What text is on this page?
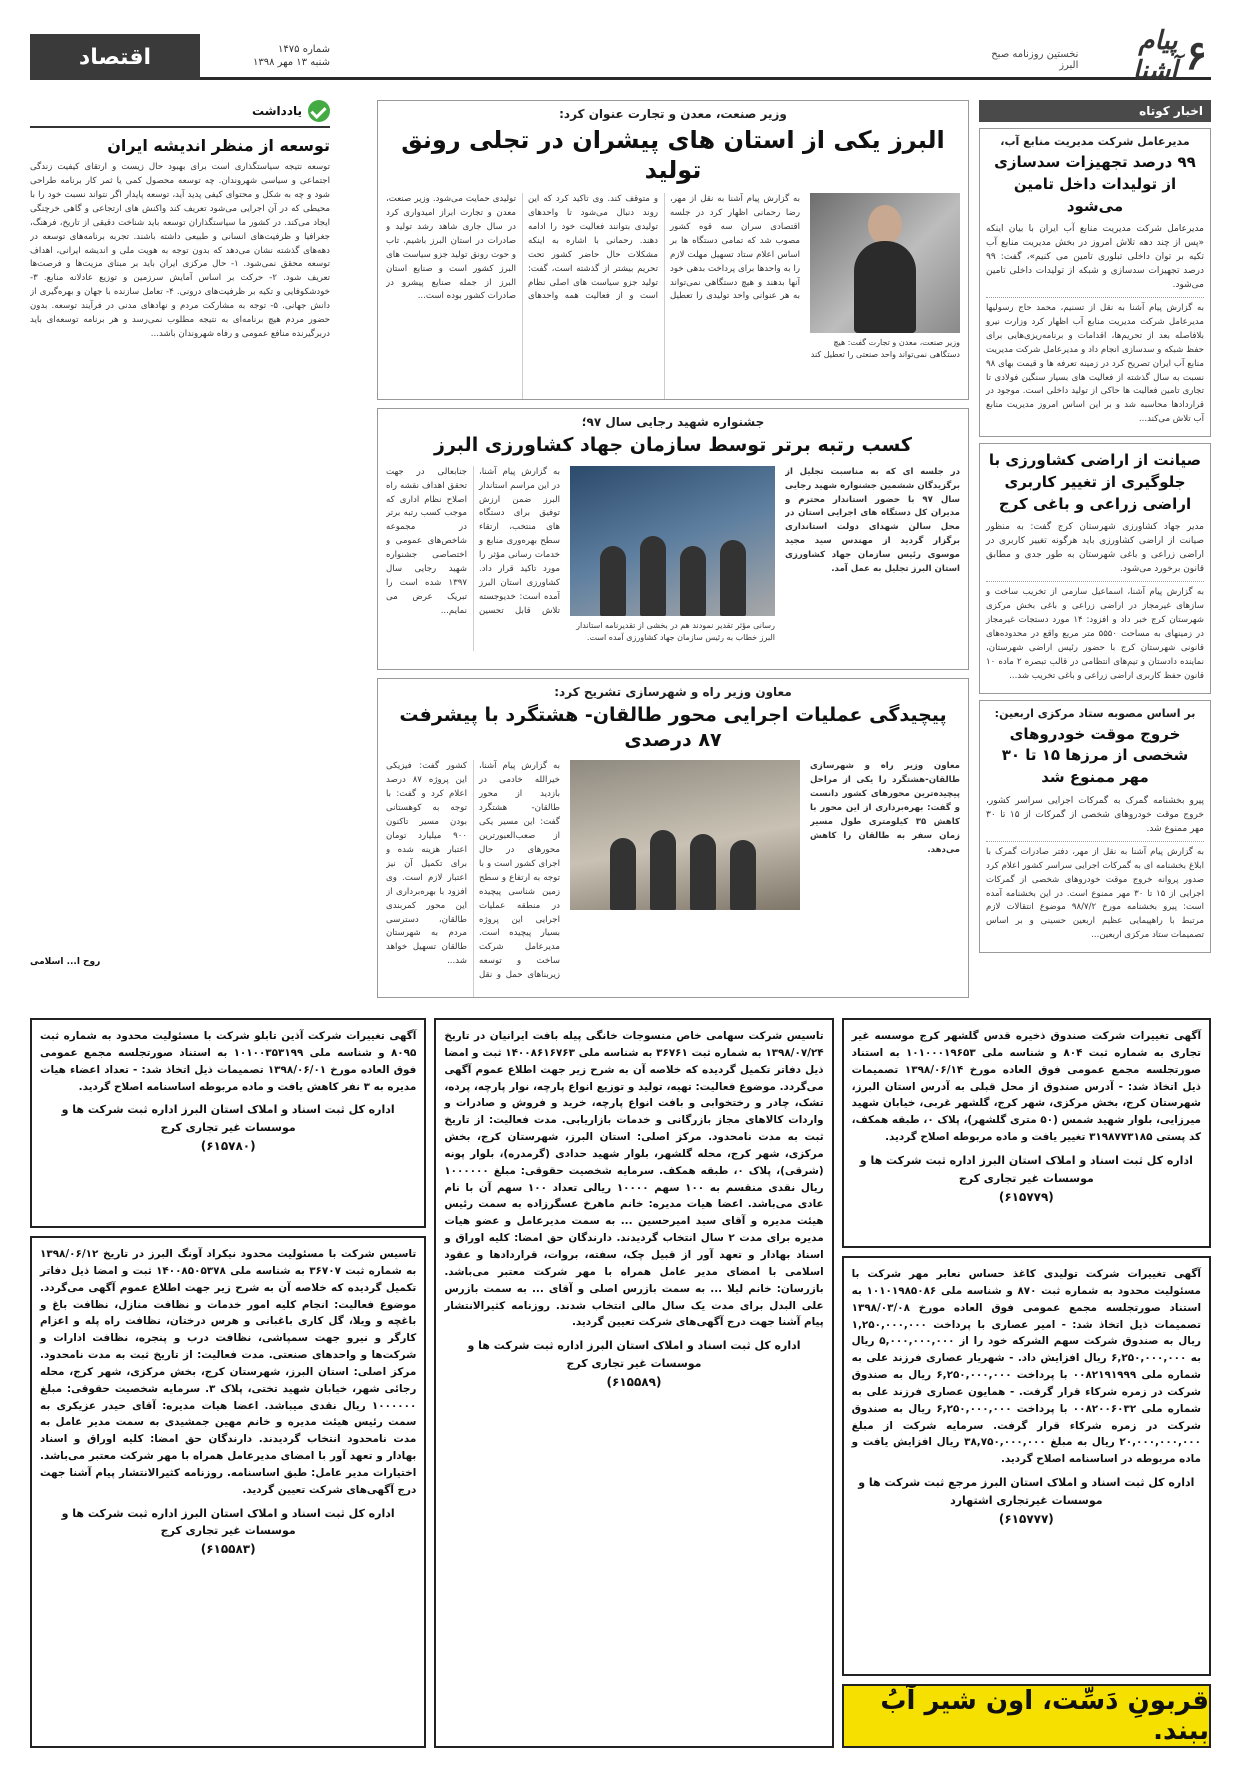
۶
پیام آشنا
نخستین روزنامه صبح البرز
شماره ۱۴۷۵
شنبه ۱۳ مهر ۱۳۹۸
اقتصاد
اخبار کوتاه
مدیرعامل شرکت مدیریت منابع آب،
۹۹ درصد تجهیزات سدسازی از تولیدات داخل تامین می‌شود

مدیرعامل شرکت مدیریت منابع آب ایران با بیان اینکه «پس از چند دهه تلاش امروز در بخش مدیریت منابع آب تکیه بر توان داخلی تبلوری تامین می کنیم»، گفت: ۹۹ درصد تجهیزات سدسازی و شبکه از تولیدات داخلی تامین می‌شود.

به گزارش پیام آشنا به نقل از تسنیم، محمد حاج رسولیها مدیرعامل شرکت مدیریت منابع آب اظهار کرد وزارت نیرو بلافاصله بعد از تحریم‌ها، اقدامات و برنامه‌ریزی‌هایی برای حفظ شبکه و سدسازی انجام داد و مدیرعامل شرکت مدیریت منابع آب ایران تصریح کرد در زمینه تعرفه ها و قیمت بهای ۹۸ نسبت به سال گذشته از فعالیت های بسیار سنگین فولادی تا تجاری تامین فعالیت ها حاکی از تولید داخلی است. موجود در قرارداد‌ها محاسبه شد و بر این اساس امروز مدیریت منابع آب تلاش می‌کند...

صیانت از اراضی کشاورزی با جلوگیری از تغییر کاربری اراضی زراعی و باغی کرج

مدیر جهاد کشاورزی شهرستان کرج گفت: به منظور صیانت از اراضی کشاورزی باید هرگونه تغییر کاربری در اراضی زراعی و باغی شهرستان به طور جدی و مطابق قانون برخورد می‌شود.

به گزارش پیام آشنا، اسماعیل سارمی از تخریب ساخت و سازهای غیرمجاز در اراضی زراعی و باغی بخش مرکزی شهرستان کرج خبر داد و افزود: ۱۴ مورد دستجات غیرمجاز در زمینهای به مساحت ۵۵۵۰ متر مربع واقع در محدوده‌های قانونی شهرستان کرج با حضور رئیس اراضی شهرستان، نماینده دادستان و تیم‌های انتظامی در قالب تبصره ۲ ماده ۱۰ قانون حفظ کاربری اراضی زراعی و باغی تخریب شد...

بر اساس مصوبه ستاد مرکزی اربعین:
خروج موقت خودروهای شخصی از مرزها ۱۵ تا ۳۰ مهر ممنوع شد

پیرو بخشنامه گمرک به گمرکات اجرایی سراسر کشور، خروج موقت خودروهای شخصی از گمرکات از ۱۵ تا ۳۰ مهر ممنوع شد.

به گزارش پیام آشنا به نقل از مهر، دفتر صادرات گمرک با ابلاغ بخشنامه ای به گمرکات اجرایی سراسر کشور اعلام کرد صدور پروانه خروج موقت خودروهای شخصی از گمرکات اجرایی از ۱۵ تا ۳۰ مهر ممنوع است. در این بخشنامه آمده است: پیرو بخشنامه مورخ ۹۸/۷/۲ موضوع انتقالات لازم مرتبط با راهپیمایی عظیم اربعین حسینی و بر اساس تصمیمات ستاد مرکزی اربعین...

وزیر صنعت، معدن و تجارت عنوان کرد:
البرز یکی از استان های پیشران در تجلی رونق تولید
وزیر صنعت، معدن و تجارت گفت: هیچ دستگاهی نمی‌تواند واحد صنعتی را تعطیل کند

به گزارش پیام آشنا به نقل از مهر، رضا رحمانی اظهار کرد در جلسه اقتصادی سران سه قوه کشور مصوب شد که تمامی دستگاه ها بر اساس اعلام ستاد تسهیل مهلت لازم را به واحدها برای پرداخت بدهی خود آنها بدهند و هیچ دستگاهی نمی‌تواند به هر عنوانی واحد تولیدی را تعطیل و متوقف کند. وی تاکید کرد که این روند دنبال می‌شود تا واحدهای تولیدی بتوانند فعالیت خود را ادامه دهند. رحمانی با اشاره به اینکه مشکلات حال حاضر کشور تحت تحریم بیشتر از گذشته است، گفت: تولید جزو سیاست های اصلی نظام است و از فعالیت همه واحدهای تولیدی حمایت می‌شود. وزیر صنعت، معدن و تجارت ابراز امیدواری کرد در سال جاری شاهد رشد تولید و صادرات در استان البرز باشیم. تاب و حوت رونق تولید جزو سیاست های البرز کشور است و صنایع استان البرز از جمله صنایع پیشرو در صادرات کشور بوده است...

جشنواره شهید رجایی سال ۹۷؛
کسب رتبه برتر توسط سازمان جهاد کشاورزی البرز

در جلسه ای که به مناسبت تجلیل از برگزیدگان ششمین جشنواره شهید رجایی سال ۹۷ با حضور استاندار محترم و مدیران کل دستگاه های اجرایی استان در محل سالن شهدای دولت استانداری برگزار گردید از مهندس سید مجید موسوی رئیس سازمان جهاد کشاورزی استان البرز تجلیل به عمل آمد.

رسانی مؤثر تقدیر نمودند هم در بخشی از تقدیرنامه استاندار البرز خطاب به رئیس سازمان جهاد کشاورزی آمده است.

به گزارش پیام آشنا، در این مراسم استاندار البرز ضمن ارزش توفیق برای دستگاه های منتخب، ارتقاء سطح بهره‌وری منابع و خدمات رسانی مؤثر را مورد تاکید قرار داد. کشاورزی استان البرز آمده است: خدیوجسته تلاش قابل تحسین جنابعالی در جهت تحقق اهداف نقشه راه اصلاح نظام اداری که موجب کسب رتبه برتر در مجموعه شاخص‌های عمومی و اختصاصی جشنواره شهید رجایی سال ۱۳۹۷ شده است را تبریک عرض می نمایم...

معاون وزیر راه و شهرسازی تشریح کرد:
پیچیدگی عملیات اجرایی محور طالقان- هشتگرد با پیشرفت ۸۷ درصدی

معاون وزیر راه و شهرسازی طالقان-هشتگرد را یکی از مراحل پیچیده‌ترین محورهای کشور دانست و گفت: بهره‌برداری از این محور با کاهش ۳۵ کیلومتری طول مسیر زمان سفر به طالقان را کاهش می‌دهد.

به گزارش پیام آشنا، خیرالله خادمی در بازدید از محور طالقان- هشتگرد گفت: این مسیر یکی از صعب‌العبورترین محورهای در حال اجرای کشور است و با توجه به ارتفاع و سطح زمین شناسی پیچیده در منطقه عملیات اجرایی این پروژه بسیار پیچیده است. مدیرعامل شرکت ساخت و توسعه زیربناهای حمل و نقل کشور گفت: فیزیکی این پروژه ۸۷ درصد اعلام کرد و گفت: با توجه به کوهستانی بودن مسیر تاکنون ۹۰۰ میلیارد تومان اعتبار هزینه شده و برای تکمیل آن نیز اعتبار لازم است. وی افزود با بهره‌برداری از این محور کمربندی طالقان، دسترسی مردم به شهرستان طالقان تسهیل خواهد شد...

یادداشت
توسعه از منظر اندیشه ایران

توسعه نتیجه سیاستگذاری است برای بهبود حال زیست و ارتقای کیفیت زندگی اجتماعی و سیاسی شهروندان. چه توسعه محصول کمی یا ثمر کار برنامه طراحی شود و چه به شکل و محتوای کیفی پدید آید، توسعه پایدار اگر نتواند نسبت خود را با محیطی که در آن اجرایی می‌شود تعریف کند واکنش های ارتجاعی و گاهی خرچنگی ایجاد می‌کند. در کشور ما سیاستگذاران توسعه باید شناخت دقیقی از تاریخ، فرهنگ، جغرافیا و ظرفیت‌های انسانی و طبیعی داشته باشند. تجربه برنامه‌های توسعه در دهه‌های گذشته نشان می‌دهد که بدون توجه به هویت ملی و اندیشه ایرانی، اهداف توسعه محقق نمی‌شود. ۱- حال مرکزی ایران باید بر مبنای مزیت‌ها و فرصت‌ها تعریف شود. ۲- حرکت بر اساس آمایش سرزمین و توزیع عادلانه منابع. ۳- خودشکوفایی و تکیه بر ظرفیت‌های درونی. ۴- تعامل سازنده با جهان و بهره‌گیری از دانش جهانی. ۵- توجه به مشارکت مردم و نهادهای مدنی در فرآیند توسعه. بدون حضور مردم هیچ برنامه‌ای به نتیجه مطلوب نمی‌رسد و هر برنامه توسعه‌ای باید دربرگیرنده منافع عمومی و رفاه شهروندان باشد...

روح ا... اسلامی
آگهی تغییرات شرکت صندوق ذخیره قدس گلشهر کرج موسسه غیر تجاری به شماره ثبت ۸۰۴ و شناسه ملی ۱۰۱۰۰۰۱۹۶۵۳ به استناد صورتجلسه مجمع عمومی فوق العاده مورخ ۱۳۹۸/۰۶/۱۴ تصمیمات ذیل اتخاذ شد: - آدرس صندوق از محل قبلی به آدرس استان البرز، شهرستان کرج، بخش مرکزی، شهر کرج، گلشهر غربی، خیابان شهید میرزایی، بلوار شهید شمس (۵۰ متری گلشهر)، پلاک ۰، طبقه همکف، کد پستی ۳۱۹۸۷۷۳۱۸۵ تغییر یافت و ماده مربوطه اصلاح گردید.
اداره کل ثبت اسناد و املاک استان البرز اداره ثبت شرکت ها و موسسات غیر تجاری کرج
(۶۱۵۷۷۹)
آگهی تغییرات شرکت تولیدی کاغذ حساس نعابر مهر شرکت با مسئولیت محدود به شماره ثبت ۸۷۰ و شناسه ملی ۱۰۱۰۱۹۸۵۰۸۶ به استناد صورتجلسه مجمع عمومی فوق العاده مورخ ۱۳۹۸/۰۳/۰۸ تصمیمات ذیل اتخاذ شد: - امیر عصاری با پرداخت ۱,۲۵۰,۰۰۰,۰۰۰ ریال به صندوق شرکت سهم الشرکه خود را از ۵,۰۰۰,۰۰۰,۰۰۰ ریال به ۶,۲۵۰,۰۰۰,۰۰۰ ریال افزایش داد. - شهریار عصاری فرزند علی به شماره ملی ۰۰۸۲۱۹۱۹۹۹ با پرداخت ۶,۲۵۰,۰۰۰,۰۰۰ ریال به صندوق شرکت در زمره شرکاء قرار گرفت. - همایون عصاری فرزند علی به شماره ملی ۰۰۸۲۰۰۶۰۳۲ با پرداخت ۶,۲۵۰,۰۰۰,۰۰۰ ریال به صندوق شرکت در زمره شرکاء قرار گرفت. سرمایه شرکت از مبلغ ۲۰,۰۰۰,۰۰۰,۰۰۰ ریال به مبلغ ۳۸,۷۵۰,۰۰۰,۰۰۰ ریال افزایش یافت و ماده مربوطه در اساسنامه اصلاح گردید.
اداره کل ثبت اسناد و املاک استان البرز مرجع ثبت شرکت ها و موسسات غیرتجاری اشتهارد
(۶۱۵۷۷۷)
قربونِ دَسِّت، اون شیر آبُ ببند.
تاسیس شرکت سهامی خاص منسوجات خانگی پیله بافت ایرانیان در تاریخ ۱۳۹۸/۰۷/۲۴ به شماره ثبت ۳۶۷۶۱ به شناسه ملی ۱۴۰۰۸۶۱۶۷۶۳ ثبت و امضا ذیل دفاتر تکمیل گردیده که خلاصه آن به شرح زیر جهت اطلاع عموم آگهی می‌گردد. موضوع فعالیت: تهیه، تولید و توزیع انواع پارچه، نوار پارچه، پرده، تشک، چادر و رختخوابی و بافت انواع پارچه، خرید و فروش و صادرات و واردات کالاهای مجاز بازرگانی و خدمات بازاریابی. مدت فعالیت: از تاریخ ثبت به مدت نامحدود. مرکز اصلی: استان البرز، شهرستان کرج، بخش مرکزی، شهر کرج، محله گلشهر، بلوار شهید حدادی (گرمدره)، بلوار پونه (شرقی)، پلاک ۰، طبقه همکف. سرمایه شخصیت حقوقی: مبلغ ۱۰۰۰۰۰۰ ریال نقدی منقسم به ۱۰۰ سهم ۱۰۰۰۰ ریالی تعداد ۱۰۰ سهم آن با نام عادی می‌باشد. اعضا هیات مدیره: خانم ماهرخ عسگرزاده به سمت رئیس هیئت مدیره و آقای سید امیرحسین ... به سمت مدیرعامل و عضو هیات مدیره برای مدت ۲ سال انتخاب گردیدند. دارندگان حق امضا: کلیه اوراق و اسناد بهادار و تعهد آور از قبیل چک، سفته، بروات، قراردادها و عقود اسلامی با امضای مدیر عامل همراه با مهر شرکت معتبر می‌باشد. بازرسان: خانم لیلا ... به سمت بازرس اصلی و آقای ... به سمت بازرس علی البدل برای مدت یک سال مالی انتخاب شدند. روزنامه کثیرالانتشار پیام آشنا جهت درج آگهی‌های شرکت تعیین گردید.
اداره کل ثبت اسناد و املاک استان البرز اداره ثبت شرکت ها و موسسات غیر تجاری کرج
(۶۱۵۵۸۹)
آگهی تغییرات شرکت آذین تابلو شرکت با مسئولیت محدود به شماره ثبت ۸۰۹۵ و شناسه ملی ۱۰۱۰۰۳۵۳۱۹۹ به استناد صورتجلسه مجمع عمومی فوق العاده مورخ ۱۳۹۸/۰۶/۰۱ تصمیمات ذیل اتخاذ شد: - تعداد اعضاء هیات مدیره به ۳ نفر کاهش یافت و ماده مربوطه اساسنامه اصلاح گردید.
اداره کل ثبت اسناد و املاک استان البرز اداره ثبت شرکت ها و موسسات غیر تجاری کرج
(۶۱۵۷۸۰)
تاسیس شرکت با مسئولیت محدود نیکراد آونگ البرز در تاریخ ۱۳۹۸/۰۶/۱۲ به شماره ثبت ۳۶۷۰۷ به شناسه ملی ۱۴۰۰۸۵۰۵۳۷۸ ثبت و امضا ذیل دفاتر تکمیل گردیده که خلاصه آن به شرح زیر جهت اطلاع عموم آگهی می‌گردد. موضوع فعالیت: انجام کلیه امور خدمات و نظافت منازل، نظافت باغ و باغچه و ویلا، گل کاری باغبانی و هرس درختان، نظافت راه پله و اعزام کارگر و نیرو جهت سمپاشی، نظافت درب و پنجره، نظافت ادارات و شرکت‌ها و واحدهای صنعتی. مدت فعالیت: از تاریخ ثبت به مدت نامحدود. مرکز اصلی: استان البرز، شهرستان کرج، بخش مرکزی، شهر کرج، محله رجائی شهر، خیابان شهید تختی، پلاک ۳. سرمایه شخصیت حقوقی: مبلغ ۱۰۰۰۰۰۰ ریال نقدی میباشد. اعضا هیات مدیره: آقای حیدر عزیکری به سمت رئیس هیئت مدیره و خانم مهین جمشیدی به سمت مدیر عامل به مدت نامحدود انتخاب گردیدند. دارندگان حق امضا: کلیه اوراق و اسناد بهادار و تعهد آور با امضای مدیرعامل همراه با مهر شرکت معتبر می‌باشد. اختیارات مدیر عامل: طبق اساسنامه. روزنامه کثیرالانتشار پیام آشنا جهت درج آگهی‌های شرکت تعیین گردید.
اداره کل ثبت اسناد و املاک استان البرز اداره ثبت شرکت ها و موسسات غیر تجاری کرج
(۶۱۵۵۸۳)
